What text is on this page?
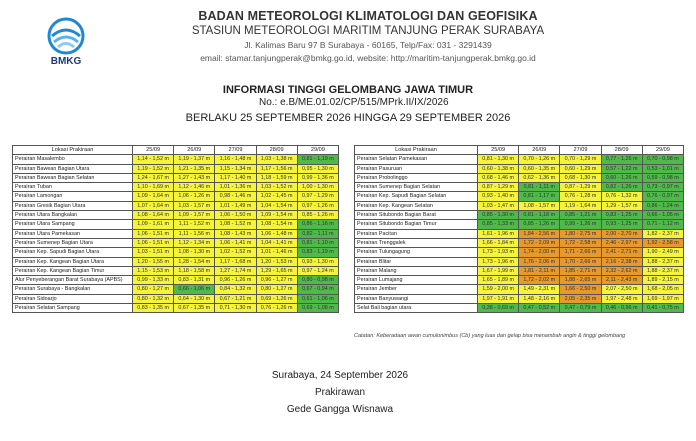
BMKG
BADAN METEOROLOGI KLIMATOLOGI DAN GEOFISIKA
STASIUN METEOROLOGI MARITIM TANJUNG PERAK SURABAYA
Jl. Kalimas Baru 97 B Surabaya - 60165, Telp/Fax: 031 - 3291439
email: stamar.tanjungperak@bmkg.go.id, website: http://maritim-tanjungperak.bmkg.go.id
INFORMASI TINGGI GELOMBANG JAWA TIMUR
No.: e.B/ME.01.02/CP/515/MPrk.II/IX/2026
BERLAKU 25 SEPTEMBER 2026 HINGGA 29 SEPTEMBER 2026
Lokasi Prakiraan	25/09	26/09	27/09	28/09	29/09
Perairan Masalembo	1,14 - 1,52 m	1,19 - 1,37 m	1,16 - 1,48 m	1,03 - 1,38 m	0,81 - 1,19 m
Perairan Bawean Bagian Utara	1,19 - 1,52 m	1,21 - 1,35 m	1,15 - 1,34 m	1,17 - 1,56 m	0,95 - 1,30 m
Perairan Bawean Bagian Selatan	1,24 - 1,67 m	1,27 - 1,43 m	1,17 - 1,40 m	1,18 - 1,59 m	0,99 - 1,36 m
Perairan Tuban	1,10 - 1,69 m	1,12 - 1,46 m	1,01 - 1,36 m	1,03 - 1,52 m	1,00 - 1,30 m
Perairan Lamongan	1,09 - 1,64 m	1,06 - 1,26 m	0,98 - 1,46 m	1,02 - 1,45 m	0,97 - 1,29 m
Perairan Gresik Bagian Utara	1,07 - 1,64 m	1,03 - 1,57 m	1,01 - 1,49 m	1,04 - 1,54 m	0,97 - 1,26 m
Perairan Utara Bangkalan	1,08 - 1,64 m	1,09 - 1,57 m	1,06 - 1,50 m	1,09 - 1,54 m	0,85 - 1,26 m
Perairan Utara Sampang	1,09 - 1,61 m	1,11 - 1,52 m	1,08 - 1,52 m	1,08 - 1,54 m	0,86 - 1,16 m
Perairan Utara Pamekasan	1,06 - 1,51 m	1,11 - 1,56 m	1,08 - 1,43 m	1,06 - 1,48 m	0,82 - 1,11 m
Perairan Sumenep Bagian Utara	1,06 - 1,51 m	1,12 - 1,34 m	1,06 - 1,41 m	1,04 - 1,41 m	0,81 - 1,10 m
Perairan Kep. Sapudi Bagian Utara	1,03 - 1,51 m	1,08 - 1,30 m	1,02 - 1,52 m	1,01 - 1,46 m	0,83 - 1,19 m
Perairan Kep. Kangean Bagian Utara	1,20 - 1,55 m	1,28 - 1,54 m	1,17 - 1,68 m	1,20 - 1,53 m	0,93 - 1,30 m
Perairan Kep. Kangean Bagian Timur	1,15 - 1,53 m	1,18 - 1,58 m	1,27 - 1,74 m	1,29 - 1,65 m	0,97 - 1,24 m
Alur Penyeberangan Barat Surabaya (APBS)	0,99 - 1,33 m	0,83 - 1,31 m	0,96 - 1,26 m	0,96 - 1,27 m	0,80 - 0,98 m
Perairan Surabaya - Bangkalan	0,80 - 1,27 m	0,66 - 1,06 m	0,84 - 1,32 m	0,80 - 1,27 m	0,67 - 0,94 m
Perairan Sidoarjo	0,80 - 1,32 m	0,64 - 1,30 m	0,67 - 1,21 m	0,69 - 1,26 m	0,61 - 1,06 m
Perairan Selatan Sampang	0,83 - 1,35 m	0,67 - 1,35 m	0,71 - 1,30 m	0,76 - 1,26 m	0,69 - 1,08 m
Lokasi Prakiraan	25/09	26/09	27/09	28/09	29/09
Perairan Selatan Pamekasan	0,81 - 1,30 m	0,70 - 1,26 m	0,70 - 1,29 m	0,77 - 1,26 m	0,70 - 0,98 m
Perairan Pasuruan	0,60 - 1,38 m	0,60 - 1,35 m	0,60 - 1,29 m	0,57 - 1,22 m	0,53 - 1,01 m
Perairan Probolinggo	0,68 - 1,46 m	0,62 - 1,36 m	0,68 - 1,30 m	0,60 - 1,26 m	0,59 - 0,98 m
Perairan Sumenep Bagian Selatan	0,87 - 1,29 m	0,81 - 1,11 m	0,87 - 1,29 m	0,82 - 1,26 m	0,73 - 0,97 m
Perairan Kep. Sapudi Bagian Selatan	0,93 - 1,40 m	0,81 - 1,17 m	0,76 - 1,28 m	0,76 - 1,32 m	0,76 - 0,97 m
Perairan Kep. Kangean Selatan	1,03 - 1,47 m	1,08 - 1,57 m	1,19 - 1,64 m	1,29 - 1,57 m	0,86 - 1,24 m
Perairan Situbondo Bagian Barat	0,85 - 1,30 m	0,81 - 1,18 m	0,85 - 1,21 m	0,83 - 1,25 m	0,66 - 1,05 m
Perairan Situbondo Bagian Timur	0,85 - 1,33 m	0,85 - 1,26 m	0,99 - 1,26 m	0,93 - 1,25 m	0,71 - 1,12 m
Perairan Pacitan	1,61 - 1,96 m	1,84 - 2,56 m	1,80 - 2,75 m	2,00 - 2,70 m	1,82 - 2,37 m
Perairan Trenggalek	1,66 - 1,84 m	1,72 - 2,09 m	1,72 - 2,58 m	2,46 - 2,97 m	1,92 - 2,58 m
Perairan Tulungagung	1,73 - 1,93 m	1,74 - 2,00 m	1,71 - 2,66 m	2,41 - 2,71 m	1,90 - 2,49 m
Perairan Blitar	1,73 - 1,96 m	1,76 - 2,06 m	1,70 - 2,66 m	2,16 - 2,38 m	1,88 - 2,37 m
Perairan Malang	1,67 - 1,99 m	1,81 - 2,11 m	1,85 - 2,71 m	2,32 - 2,62 m	1,88 - 2,37 m
Perairan Lumajang	1,65 - 1,89 m	1,72 - 2,02 m	1,88 - 2,65 m	2,11 - 2,43 m	1,89 - 2,15 m
Perairan Jember	1,59 - 2,00 m	1,49 - 2,31 m	1,66 - 2,50 m	2,07 - 2,50 m	1,68 - 2,05 m
Perairan Banyuwangi	1,97 - 1,91 m	1,48 - 2,16 m	2,05 - 2,35 m	1,97 - 2,48 m	1,69 - 1,97 m
Selat Bali bagian utara	0,38 - 0,69 m	0,47 - 0,52 m	0,47 - 0,79 m	0,46 - 0,96 m	0,41 - 0,75 m
Catatan: Keberadaan awan cumulonimbus (Cb) yang luas dan gelap bisa menambah angin & tinggi gelombang
Surabaya, 24 September 2026
Prakirawan
Gede Gangga Wisnawa
